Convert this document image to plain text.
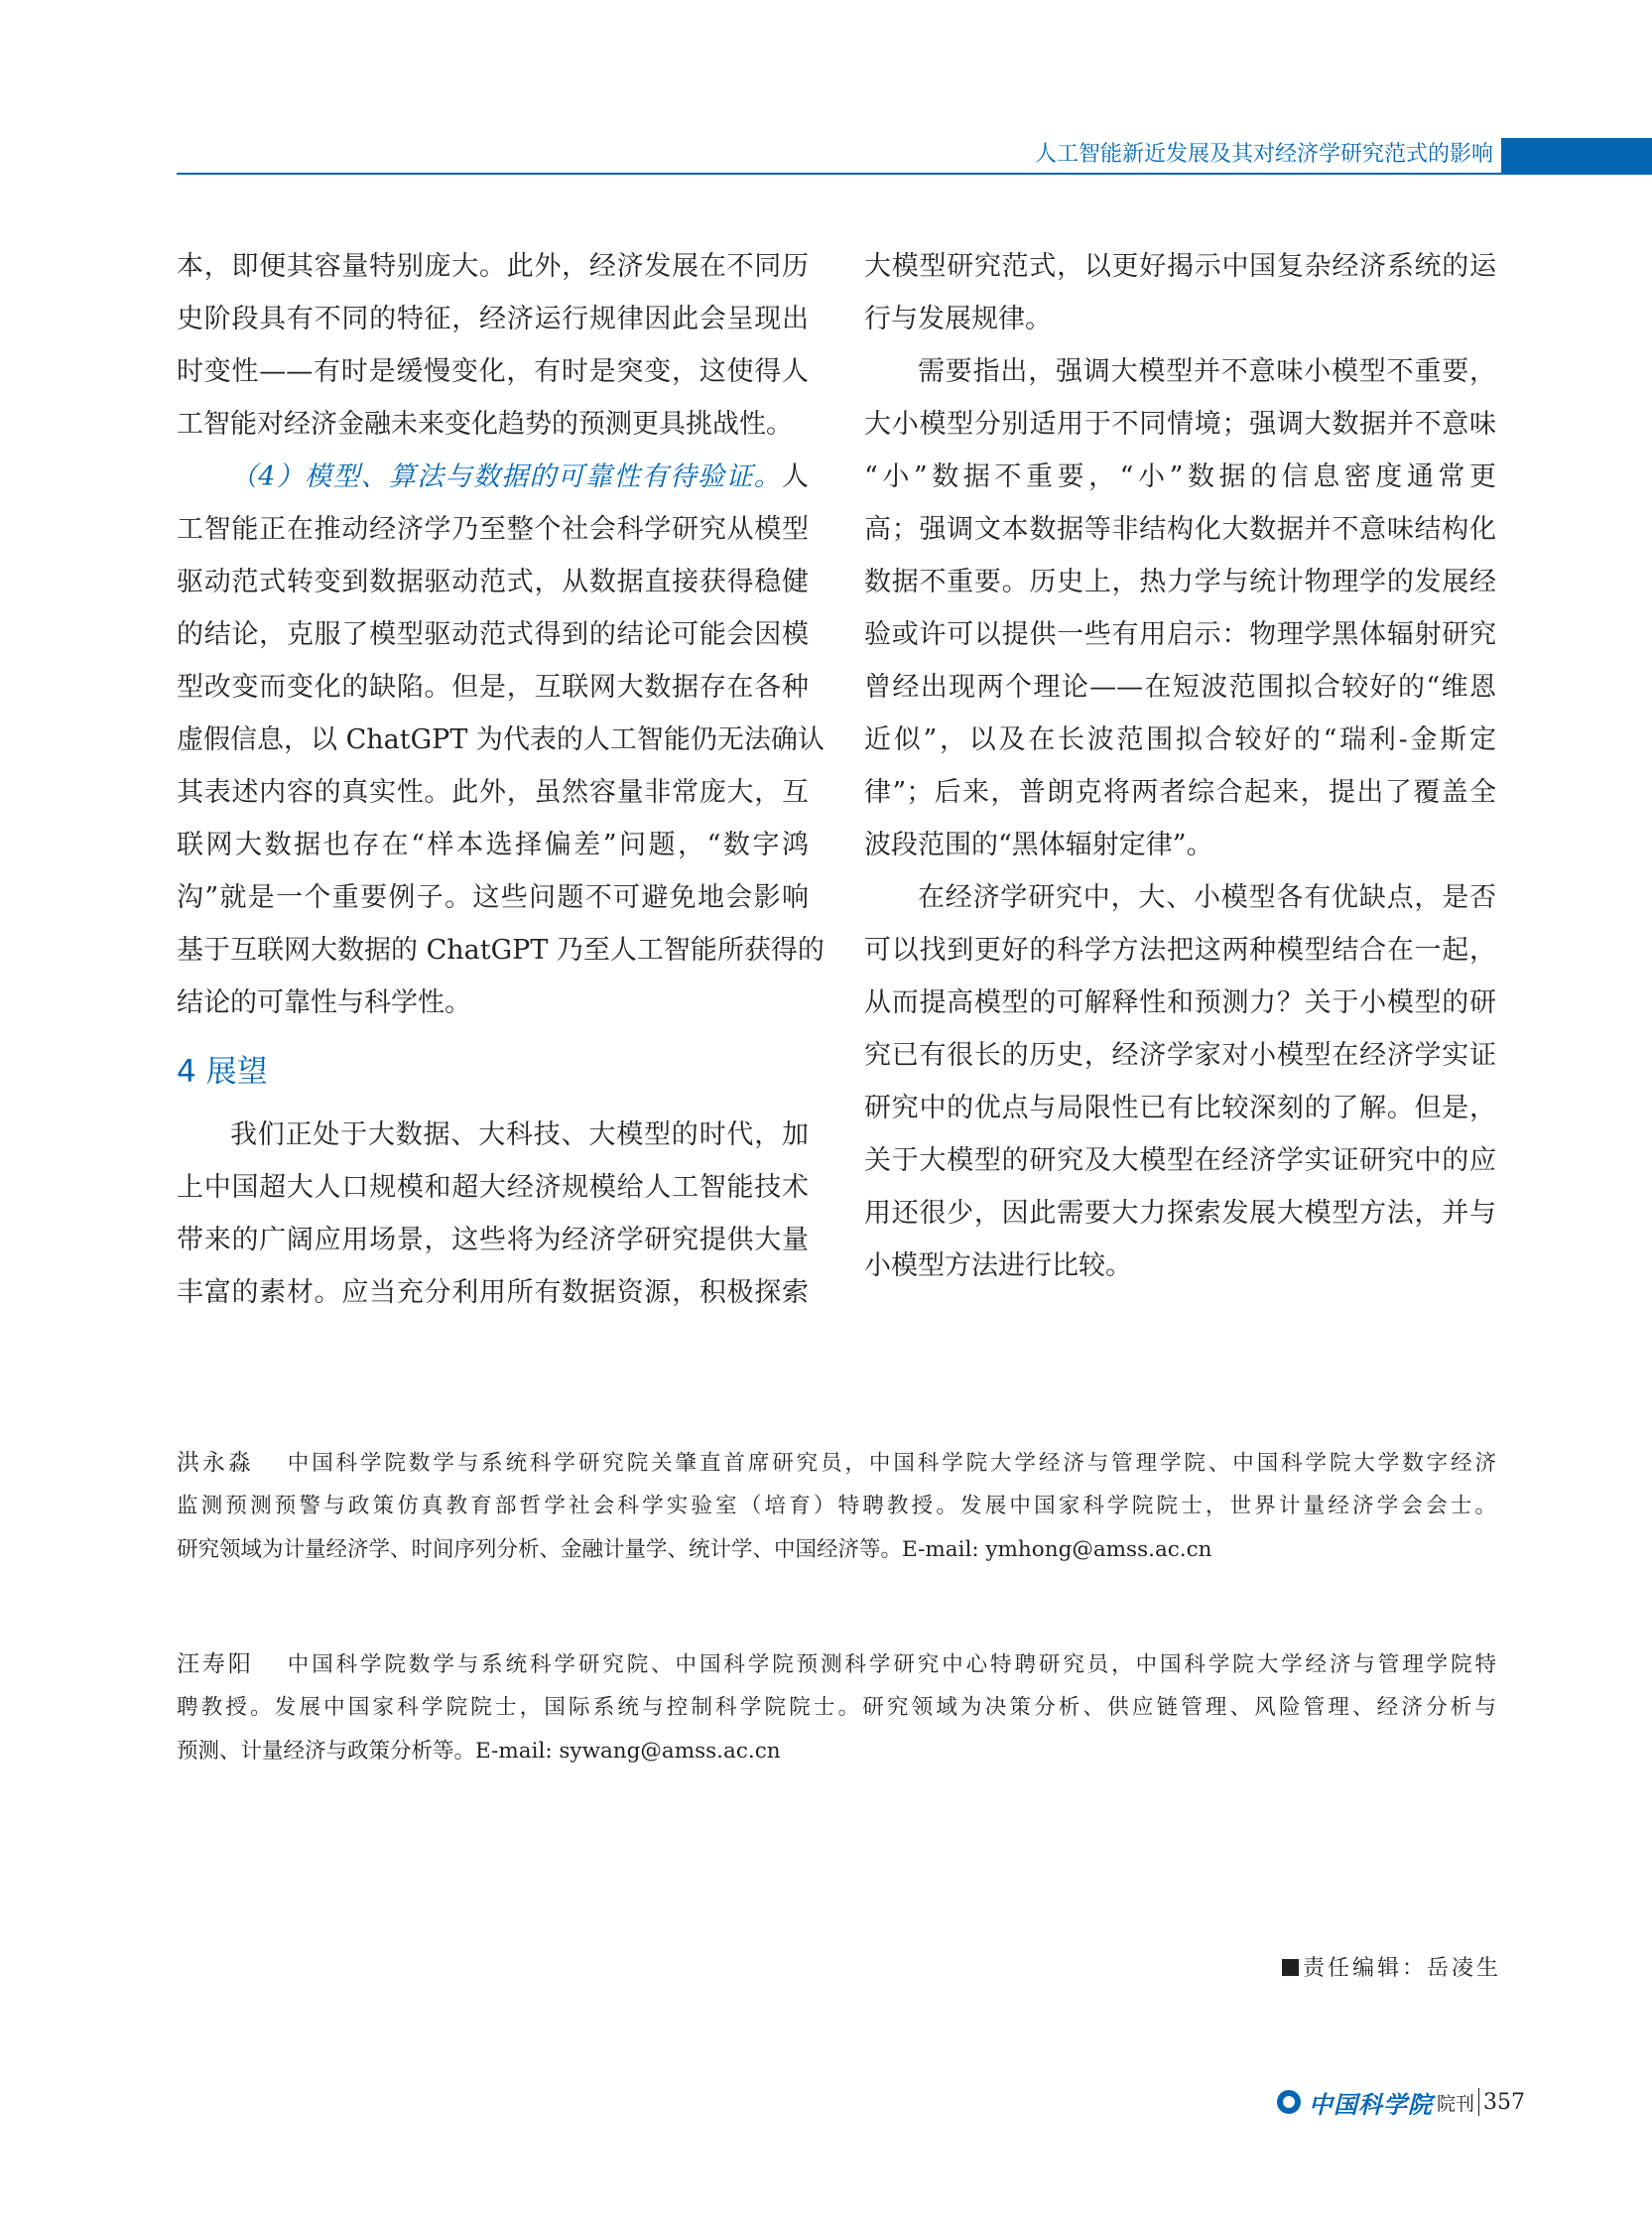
人工智能新近发展及其对经济学研究范式的影响
本，即便其容量特别庞大。此外，经济发展在不同历
史阶段具有不同的特征，经济运行规律因此会呈现出
时变性——有时是缓慢变化，有时是突变，这使得人
工智能对经济金融未来变化趋势的预测更具挑战性。
（4）模型、算法与数据的可靠性有待验证。人
工智能正在推动经济学乃至整个社会科学研究从模型
驱动范式转变到数据驱动范式，从数据直接获得稳健
的结论，克服了模型驱动范式得到的结论可能会因模
型改变而变化的缺陷。但是，互联网大数据存在各种
虚假信息，以 ChatGPT 为代表的人工智能仍无法确认
其表述内容的真实性。此外，虽然容量非常庞大，互
联网大数据也存在“样本选择偏差”问题，“数字鸿
沟”就是一个重要例子。这些问题不可避免地会影响
基于互联网大数据的 ChatGPT 乃至人工智能所获得的
结论的可靠性与科学性。
4 展望
我们正处于大数据、大科技、大模型的时代，加
上中国超大人口规模和超大经济规模给人工智能技术
带来的广阔应用场景，这些将为经济学研究提供大量
丰富的素材。应当充分利用所有数据资源，积极探索
大模型研究范式，以更好揭示中国复杂经济系统的运
行与发展规律。
需要指出，强调大模型并不意味小模型不重要，
大小模型分别适用于不同情境；强调大数据并不意味
“小”数据不重要，“小”数据的信息密度通常更
高；强调文本数据等非结构化大数据并不意味结构化
数据不重要。历史上，热力学与统计物理学的发展经
验或许可以提供一些有用启示：物理学黑体辐射研究
曾经出现两个理论——在短波范围拟合较好的“维恩
近似”，以及在长波范围拟合较好的“瑞利-金斯定
律”；后来，普朗克将两者综合起来，提出了覆盖全
波段范围的“黑体辐射定律”。
在经济学研究中，大、小模型各有优缺点，是否
可以找到更好的科学方法把这两种模型结合在一起，
从而提高模型的可解释性和预测力？关于小模型的研
究已有很长的历史，经济学家对小模型在经济学实证
研究中的优点与局限性已有比较深刻的了解。但是，
关于大模型的研究及大模型在经济学实证研究中的应
用还很少，因此需要大力探索发展大模型方法，并与
小模型方法进行比较。
洪永淼 中国科学院数学与系统科学研究院关肇直首席研究员，中国科学院大学经济与管理学院、中国科学院大学数字经济
监测预测预警与政策仿真教育部哲学社会科学实验室（培育）特聘教授。发展中国家科学院院士，世界计量经济学会会士。
研究领域为计量经济学、时间序列分析、金融计量学、统计学、中国经济等。E-mail: ymhong@amss.ac.cn
汪寿阳 中国科学院数学与系统科学研究院、中国科学院预测科学研究中心特聘研究员，中国科学院大学经济与管理学院特
聘教授。发展中国家科学院院士，国际系统与控制科学院院士。研究领域为决策分析、供应链管理、风险管理、经济分析与
预测、计量经济与政策分析等。E-mail: sywang@amss.ac.cn
责任编辑：岳凌生
中国科学院 院刊 357
